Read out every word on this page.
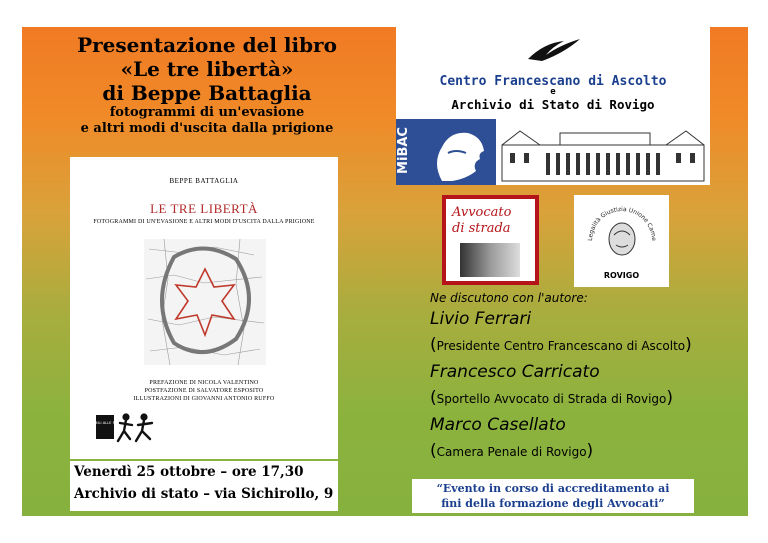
Presentazione del libro
«Le tre libertà»
di Beppe Battaglia
fotogrammi di un'evasione
e altri modi d'uscita dalla prigione
BEPPE BATTAGLIA
LE TRE LIBERTÀ
FOTOGRAMMI DI UN'EVASIONE E ALTRI MODI D'USCITA DALLA PRIGIONE
PREFAZIONE DI NICOLA VALENTINO
POSTFAZIONE DI SALVATORE ESPOSITO
ILLUSTRAZIONI DI GIOVANNI ANTONIO RUFFO
SENSIBILI ALLE FOGLIE
Venerdì 25 ottobre – ore 17,30
Archivio di stato – via Sichirollo, 9
Centro Francescano di Ascolto
e
Archivio di Stato di Rovigo
MiBAC
Avvocato
di strada
Legalità Giustizia Unione Came
ROVIGO
Ne discutono con l'autore:
Livio Ferrari
(Presidente Centro Francescano di Ascolto)
Francesco Carricato
(Sportello Avvocato di Strada di Rovigo)
Marco Casellato
(Camera Penale di Rovigo)
“Evento in corso di accreditamento ai
fini della formazione degli Avvocati”
